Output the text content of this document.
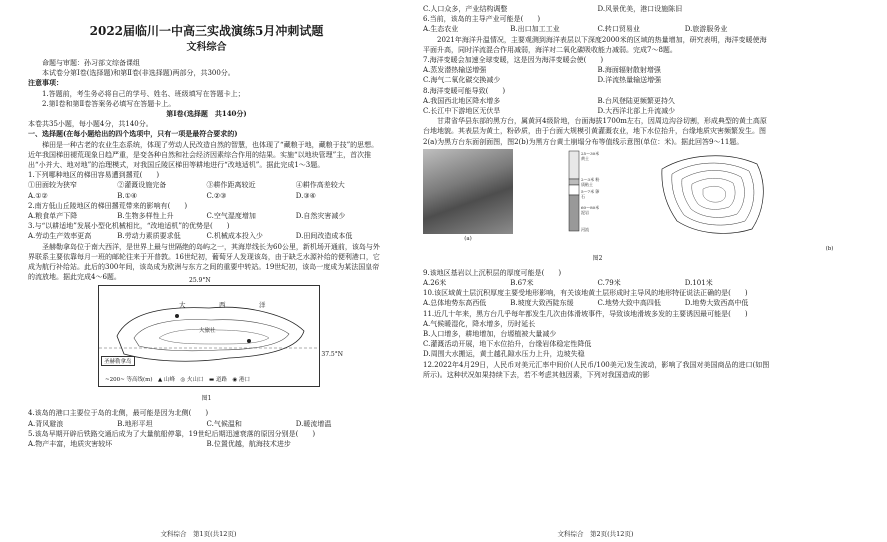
2022届临川一中高三实战演练5月冲刺试题

文科综合

命题与审题：孙习部文综备课组

本试卷分第Ⅰ卷(选择题)和第Ⅱ卷(非选择题)两部分，共300分。

注意事项：

1.答题前，考生务必将自己的学号、姓名、班级填写在答题卡上；

2.第Ⅰ卷和第Ⅱ卷答案务必填写在答题卡上。

第Ⅰ卷(选择题　共140分)

本卷共35小题，每小题4分，共140分。

一、选择题(在每小题给出的四个选项中，只有一项是最符合要求的)

梯田是一种古老的农业生态系统，体现了劳动人民改造自然的智慧，也体现了“藏粮于地，藏粮于技”的思想。近年我国梯田褪荒现象日趋严重，是变各种自然和社会经济因素综合作用的结果。实施“以地块管理”主，首次推出“小并大、地对地”的治理模式，对我国丘陵区梯田等耕地进行“改地适机”。据此完成1～3题。

1.下列哪种地区的梯田容易遭到撂荒(　　)

①田面较为狭窄	②灌溉设施完备	③耕作距离较近	④耕作高差较大
A.①②	B.①④	C.②③	D.③④

2.南方低山丘陵地区的梯田撂荒带来的影响有(　　)

A.粮食单产下降	B.生物多样性上升	C.空气湿度增加	D.自然灾害减少

3.与“以耕适地”发展小型化机械相比，“改地适机”的优势是(　　)

A.劳动生产效率更高	B.劳动力素质要求低	C.机械成本投入少	D.田间改造成本低

圣赫勒拿岛位于南大西洋，是世界上最与世隔绝的岛屿之一，其海岸线长为60公里，新机场开通前，该岛与外界联系主要依靠每月一班的邮轮往来于开普敦。16世纪初，葡萄牙人发现该岛，由于缺乏水源补给的便利港口，它成为航行补给站。此后的300年间，该岛成为欧洲与东方之间的重要中转站。19世纪初，该岛一度成为某法国皇帝的流放地。据此完成4～6题。	25.9°N
37.5°N
大	西	洋
大旅社
圣赫勒拿岛
~200~ 等高线(m)　▲ 山峰　◎ 火山口　▬ 道路　◉ 港口

图1

4.该岛的港口主要位于岛的北侧，最可能是因为北侧(　　)

A.背风避浪	B.地形平坦	C.气候温和	D.暖流增温

5.该岛早期开辟后铁路交通后成为了大量航船停靠，19世纪后期迅速衰落的原因分别是(　　)

A.物产丰富，地质灾害较坏	B.位置优越，航海技术进步
文科综合　第1页(共12页)
C.人口众多，产业结构调整	D.风景优美，港口设施陈旧

6.当前，该岛的主导产业可能是(　　)

A.生态农业	B.出口加工工业	C.转口贸易业	D.旅游服务业

2021年海洋升温情况，主要观测到海洋表层以下深度2000米的区域的热量增加，研究表明，海洋变暖使海平面升高，同时洋流混合作用减弱，海洋对二氧化碳吸收能力减弱。完成7～8题。

7.海洋变暖会加速全球变暖，这是因为海洋变暖会使(　　)

A.蒸发潜热输送增强	B.海面辐射散射增强
C.海气二氧化碳交换减少	D.洋流热量输送增强

8.海洋变暖可能导致(　　)

A.我国西北地区降水增多	B.台风登陆更频繁更持久
C.长江中下游地区无伏旱	D.大西洋北部上升流减少

甘肃省华县东部的黑方台，属黄河4级阶地，台面海拔1700m左右，因周边沟谷切割，形成典型的黄土高原台地地貌。其表层为黄土，粉砂质，由于台面大规模引黄灌溉农业，地下水位抬升，台缘地质灾害频繁发生。图2(a)为黑方台东面剖面图，图2(b)为黑方台黄土崩塌分布等值线示意图(单位：米)。据此回答9～11题。

(a)
25～30米 黄土
2～3米 粉质粘土
5～7米 卵石
60～80米 泥岩
河流
(b)

图2

9.该地区基岩以上沉积层的厚度可能是(　　)

A.26米	B.67米	C.79米	D.101米

10.该区域黄土层沉积厚度主要受地形影响，有关该地黄土层形成时主导风的地形特征说法正确的是(　　)

A.总体地势东高西低	B.坡度大致西陡东缓	C.地势大致中高四低	D.地势大致西高中低

11.近几十年来，黑方台几乎每年都发生几次由体滑坡事件，导致该地滑坡多发的主要诱因最可能是(　　)

A.气候暖湿化，降水增多，历时延长

B.人口增多，耕地增加，台塬植被大量减少

C.灌溉活动开展，地下水位抬升，台缘岩体稳定性降低

D.周围大水搬运，黄土越孔隙水压力上升，边坡失稳

12.2022年4月29日，人民币对美元汇率中间价(人民币/100美元)发生波动，影响了我国对美国商品的进口(如图所示)。这种状况如果持续下去，若不考虑其他因素，下列对我国造成的影

文科综合　第2页(共12页)
